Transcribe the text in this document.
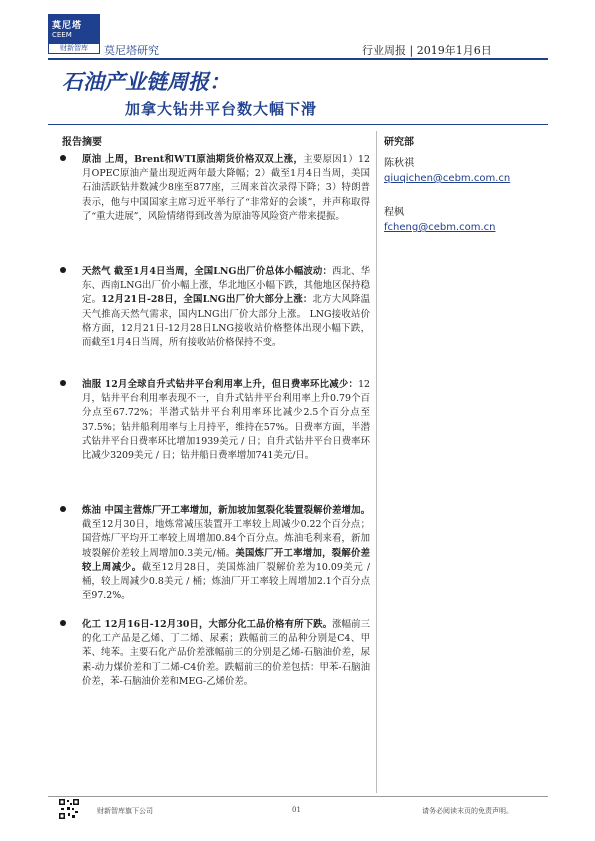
莫尼塔
CEEM
财新智库	莫尼塔研究	行业周报 | 2019年1月6日
石油产业链周报：
加拿大钻井平台数大幅下滑
报告摘要	研究部
陈秋祺
qiuqichen@cebm.com.cn
程枫
fcheng@cebm.com.cn
原油 上周，Brent和WTI原油期货价格双双上涨，主要原因1）12月OPEC原油产量出现近两年最大降幅；2）截至1月4日当周，美国石油活跃钻井数减少8座至877座，三周来首次录得下降；3）特朗普表示，他与中国国家主席习近平举行了“非常好的会谈”，并声称取得了“重大进展”，风险情绪得到改善为原油等风险资产带来提振。
天然气 截至1月4日当周，全国LNG出厂价总体小幅波动：西北、华东、西南LNG出厂价小幅上涨，华北地区小幅下跌，其他地区保持稳定。12月21日-28日，全国LNG出厂价大部分上涨：北方大风降温天气推高天然气需求，国内LNG出厂价大部分上涨。 LNG接收站价格方面，12月21日-12月28日LNG接收站价格整体出现小幅下跌，而截至1月4日当周，所有接收站价格保持不变。
油服 12月全球自升式钻井平台利用率上升，但日费率环比减少：12月，钻井平台利用率表现不一，自升式钻井平台利用率上升0.79个百分点至67.72%；半潜式钻井平台利用率环比减少2.5个百分点至37.5%；钻井船利用率与上月持平，维持在57%。日费率方面，半潜式钻井平台日费率环比增加1939美元 / 日；自升式钻井平台日费率环比减少3209美元 / 日；钻井船日费率增加741美元/日。
炼油 中国主营炼厂开工率增加，新加坡加氢裂化装置裂解价差增加。截至12月30日，地炼常减压装置开工率较上周减少0.22个百分点；国营炼厂平均开工率较上周增加0.84个百分点。炼油毛利来看，新加坡裂解价差较上周增加0.3美元/桶。美国炼厂开工率增加，裂解价差较上周减少。截至12月28日，美国炼油厂裂解价差为10.09美元 / 桶，较上周减少0.8美元 / 桶；炼油厂开工率较上周增加2.1个百分点至97.2%。
化工 12月16日-12月30日，大部分化工品价格有所下跌。涨幅前三的化工产品是乙烯、丁二烯、尿素；跌幅前三的品种分别是C4、甲苯、纯苯。主要石化产品价差涨幅前三的分别是乙烯-石脑油价差，尿素-动力煤价差和丁二烯-C4价差。跌幅前三的价差包括：甲苯-石脑油价差，苯-石脑油价差和MEG-乙烯价差。
财新智库旗下公司	01	请务必阅读末页的免责声明。
